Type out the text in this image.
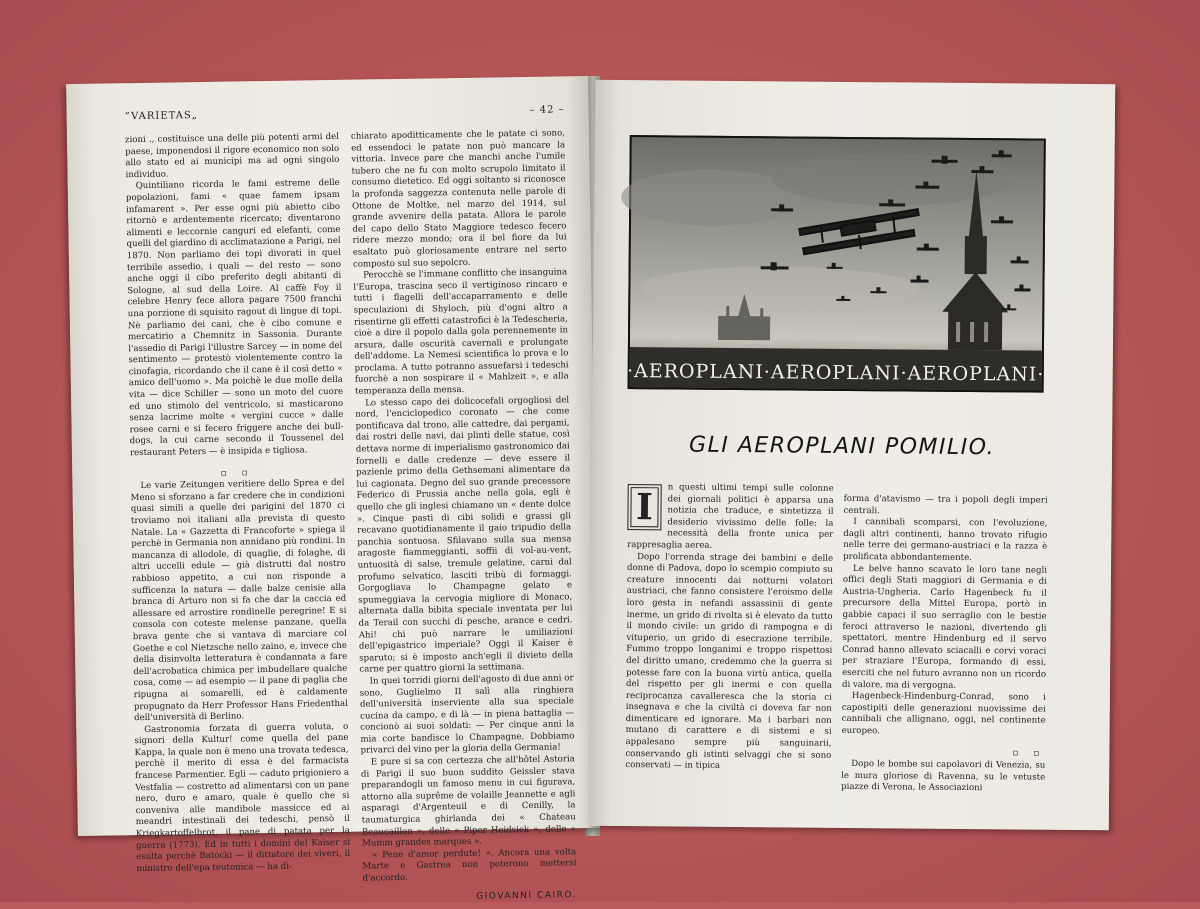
“VARIETAS„	– 42 –

zioni ., costituisce una delle più potenti armi del paese, imponendosi il rigore economico non solo allo stato ed ai municipi ma ad ogni singolo individuo.

Quintiliano ricorda le fami estreme delle popolazioni, fami « quae famem ipsam infamarent ». Per esse ogni più abietto cibo ritornò e ardentemente ricercato; diventarono alimenti e leccornie canguri ed elefanti, come quelli del giardino di acclimatazione a Parigi, nel 1870. Non parliamo dei topi divorati in quel terribile assedio, i quali — del resto — sono anche oggi il cibo preferito degli abitanti di Sologne, al sud della Loire. Al caffè Foy il celebre Henry fece allora pagare 7500 franchi una porzione di squisito ragout di lingue di topi. Nè parliamo dei cani, che è cibo comune e mercatirio a Chemnitz in Sassonia. Durante l'assedio di Parigi l'illustre Sarcey — in nome del sentimento — protestò violentemente contro la cinofagia, ricordando che il cane è il così detto « amico dell'uomo ». Ma poichè le due molle della vita — dice Schiller — sono un moto del cuore ed uno stimolo del ventricolo, si masticarono senza lacrime molte « vergini cucce » dalle rosee carni e si fecero friggere anche dei bull-dogs, la cui carne secondo il Toussenel del restaurant Peters — è insipida e tigliosa.

▫ ▫

Le varie Zeitungen veritiere dello Sprea e del Meno si sforzano a far credere che in condizioni quasi simili a quelle dei parigini del 1870 ci troviamo noi italiani alla prevista di questo Natale. La « Gazzetta di Francoforte » spiega il perchè in Germania non annidano più rondini. In mancanza di allodole, di quaglie, di folaghe, di altri uccelli edule — già distrutti dal nostro rabbioso appetito, a cui non risponde a sufficenza la natura — dalle balze cenisie alla branca di Arturo non si fa che dar la caccia ed allessare ed arrostire rondinelle peregrine! E si consola con coteste melense panzane, quella brava gente che si vantava di marciare col Goethe e col Nietzsche nello zaino, e, invece che della disinvolta letteratura è condannata a fare dell'acrobatica chimica per imbudellare qualche cosa, come — ad esempio — il pane di paglia che ripugna ai somarelli, ed è caldamente propugnato da Herr Professor Hans Friedenthal dell'università di Berlino.

Gastronomia forzata di guerra voluta, o signori della Kultur! come quella del pane Kappa, la quale non è meno una trovata tedesca, perchè il merito di essa è del farmacista francese Parmentier. Egli — caduto prigioniero a Vestfalia — costretto ad alimentarsi con un pane nero, duro e amaro, quale è quello che si conveniva alle mandibole massicce ed ai meandri intestinali dei tedeschi, pensò il Kriegkartoffelbrot, il pane di patata per la guerra (1773). Ed in tutti i domini del Kaiser si esulta perchè Batocki — il dittatore dei viveri, il ministro dell'epa teutonica — ha di-

chiarato apoditticamente che le patate ci sono, ed essendoci le patate non può mancare la vittoria. Invece pare che manchi anche l'umile tubero che ne fu con molto scrupolo limitato il consumo dietetico. Ed oggi soltanto si riconosce la profonda saggezza contenuta nelle parole di Ottone de Moltke, nel marzo del 1914, sul grande avvenire della patata. Allora le parole del capo dello Stato Maggiore tedesco fecero ridere mezzo mondo; ora il bel fiore da lui esaltato può gloriosamente entrare nel serto composto sul suo sepolcro.

Perocchè se l'immane conflitto che insanguina l'Europa, trascina seco il vertiginoso rincaro e tutti i flagelli dell'accaparramento e delle speculazioni di Shyloch, più d'ogni altro a risentirne gli effetti catastrofici è la Tedescheria, cioè a dire il popolo dalla gola perennemente in arsura, dalle oscurità cavernali e prolungate dell'addome. La Nemesi scientifica lo prova e lo proclama. A tutto potranno assuefarsi i tedeschi fuorchè a non sospirare il « Mahlzeit », e alla temperanza della mensa.

Lo stesso capo dei dolicocefali orgogliosi del nord, l'enciclopedico coronato — che come pontificava dal trono, alle cattedre, dai pergami, dai rostri delle navi, dai plinti delle statue, così dettava norme di imperialismo gastronomico dai fornelli e dalle credenze — deve essere il pazienle primo della Gethsemani alimentare da lui cagionata. Degno del suo grande precessore Federico di Prussia anche nella gola, egli è quello che gli inglesi chiamano un « dente dolce ». Cinque pasti di cibi solidi e grassi gli recavano quotidianamente il gaio tripudio della panchia sontuosa. Sfilavano sulla sua mensa aragoste fiammeggianti, soffii di vol-au-vent, untuosità di salse, tremule gelatine, carni dal profumo selvatico, lasciti tribù di formaggi. Gorgogliava lo Champagne gelato e spumeggiava la cervogia migliore di Monaco, alternata dalla bibita speciale inventata per lui da Terail con succhi di pesche, arance e cedri. Ahi! chi può narrare le umiliazioni dell'epigastrico imperiale? Oggi il Kaiser è sparuto; si è imposto anch'egli il divieto della carne per quattro giorni la settimana.

In quei torridi giorni dell'agosto di due anni or sono, Guglielmo II salì alla ringhiera dell'università inserviente alla sua speciale cucina da campo, e di là — in piena battaglia — concionò ai suoi soldati: — Per cinque anni la mia corte bandisce lo Champagne. Dobbiamo privarci del vino per la gloria della Germania!

E pure si sa con certezza che all'hôtel Astoria di Parigi il suo buon suddito Geissler stava preparandogli un famoso menu in cui figurava, attorno alla suprême de volaille Jeannette e agli asparagi d'Argenteuil e di Cenilly, la taumaturgica ghirlanda dei « Chateau Beaucaillon », delle « Piper Heidsiek », delle « Mumm grandes marques ».

« Pene d'amor perdute! ». Ancora una volta Marte e Gastrea non poterono mettersi d'accordo.

GIOVANNI CAIRO.

·AEROPLANI·AEROPLANI·AEROPLANI·
GLI AEROPLANI POMILIO.
I	n questi ultimi tempi sulle colonne dei giornali politici è apparsa una notizia che traduce, e sintetizza il desiderio vivissimo delle folle: la necessità della fronte unica per rappresaglia aerea.

Dopo l'orrenda strage dei bambini e delle donne di Padova, dopo lo scempio compiuto su creature innocenti dai notturni volatori austriaci, che fanno consistere l'eroismo delle loro gesta in nefandi assassinii di gente inerme, un grido di rivolta si è elevato da tutto il mondo civile: un grido di rampogna e di vituperio, un grido di esecrazione terribile. Fummo troppo longanimi e troppo rispettosi del diritto umano, credemmo che la guerra si potesse fare con la buona virtù antica, quella del rispetto per gli inermi e con quella reciprocanza cavalleresca che la storia ci insegnava e che la civiltà ci doveva far non dimenticare ed ignorare. Ma i barbari non mutano di carattere e di sistemi e si appalesano sempre più sanguinarii, conservando gli istinti selvaggi che si sono conservati — in tipica

forma d'atavismo — tra i popoli degli imperi centrali.

I cannibali scomparsi, con l'evoluzione, dagli altri continenti, hanno trovato rifugio nelle terre dei germano-austriaci e la razza è prolificata abbondantemente.

Le belve hanno scavato le loro tane negli offici degli Stati maggiori di Germania e di Austria-Ungheria. Carlo Hagenbeck fu il precursore della Mittel Europa, portò in gabbie capaci il suo serraglio con le bestie feroci attraverso le nazioni, divertendo gli spettatori, mentre Hindenburg ed il servo Conrad hanno allevato sciacalli e corvi voraci per straziare l'Europa, formando di essi, eserciti che nel futuro avranno non un ricordo di valore, ma di vergogna.

Hagenbeck-Hindenburg-Conrad, sono i capostipiti delle generazioni nuovissime dei cannibali che allignano, oggi, nel continente europeo.

▫ ▫

Dopo le bombe sui capolavori di Venezia, su le mura gloriose di Ravenna, su le vetuste piazze di Verona, le Associazioni
